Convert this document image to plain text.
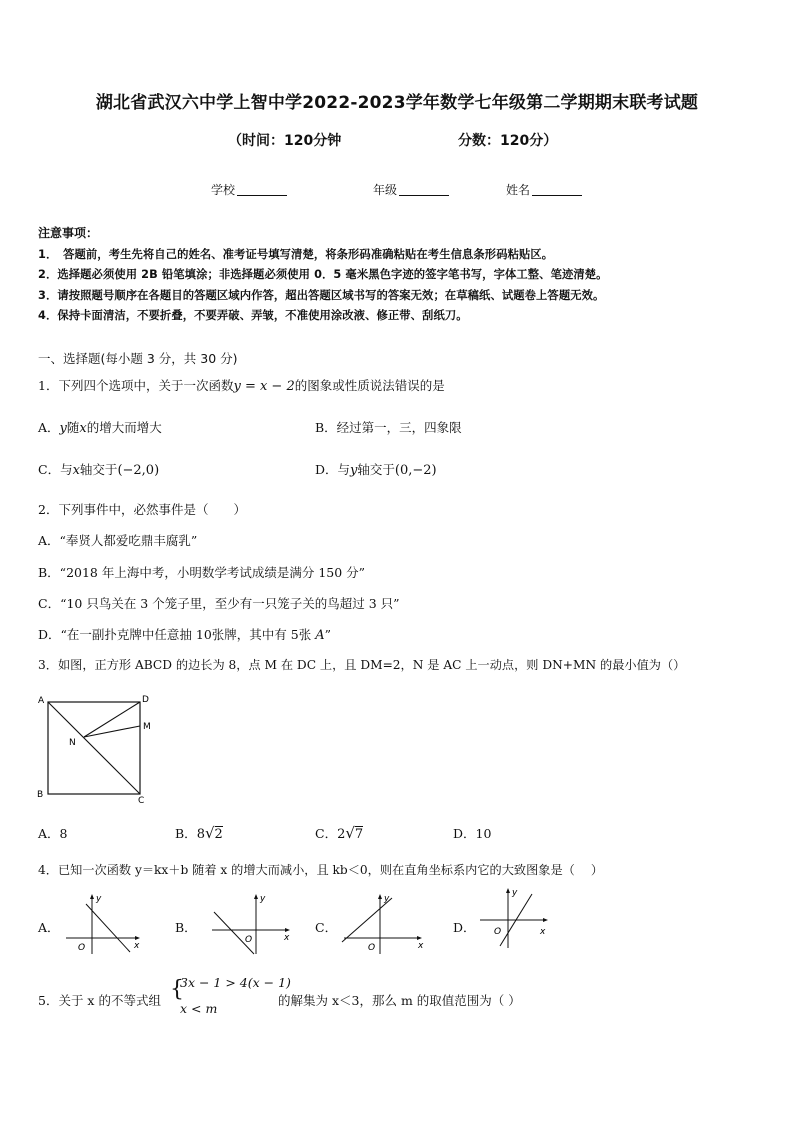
湖北省武汉六中学上智中学2022-2023学年数学七年级第二学期期末联考试题
（时间：120分钟	分数：120分）
学校	年级	姓名
注意事项：
1．　答题前，考生先将自己的姓名、准考证号填写清楚，将条形码准确粘贴在考生信息条形码粘贴区。
2．选择题必须使用 2B 铅笔填涂；非选择题必须使用 0．5 毫米黑色字迹的签字笔书写，字体工整、笔迹清楚。
3．请按照题号顺序在各题目的答题区域内作答，超出答题区域书写的答案无效；在草稿纸、试题卷上答题无效。
4．保持卡面清洁，不要折叠，不要弄破、弄皱，不准使用涂改液、修正带、刮纸刀。
一、选择题(每小题 3 分，共 30 分)
1．下列四个选项中，关于一次函数y = x − 2的图象或性质说法错误的是
A．y随x的增大而增大	B．经过第一，三，四象限
C．与x轴交于(−2,0)	D．与y轴交于(0,−2)
2．下列事件中，必然事件是（　　）
A．“奉贤人都爱吃鼎丰腐乳”
B．“2018 年上海中考，小明数学考试成绩是满分 150 分”
C．“10 只鸟关在 3 个笼子里，至少有一只笼子关的鸟超过 3 只”
D．“在一副扑克牌中任意抽 10张牌，其中有 5张 A”
3．如图，正方形 ABCD 的边长为 8，点 M 在 DC 上，且 DM=2，N 是 AC 上一动点，则 DN+MN 的最小值为（）
A	D
M
N
B
C
A．8	B．8√2	C．2√7	D．10
4．已知一次函数 y＝kx＋b 随着 x 的增大而减小，且 kb＜0，则在直角坐标系内它的大致图象是（　 ）
A．
y
x
O
B．
y
x
O
C．
y
x
O
D．
y
x
O
5．关于 x 的不等式组 {
3x − 1 > 4(x − 1)
x < m
的解集为 x＜3，那么 m 的取值范围为（ ）
